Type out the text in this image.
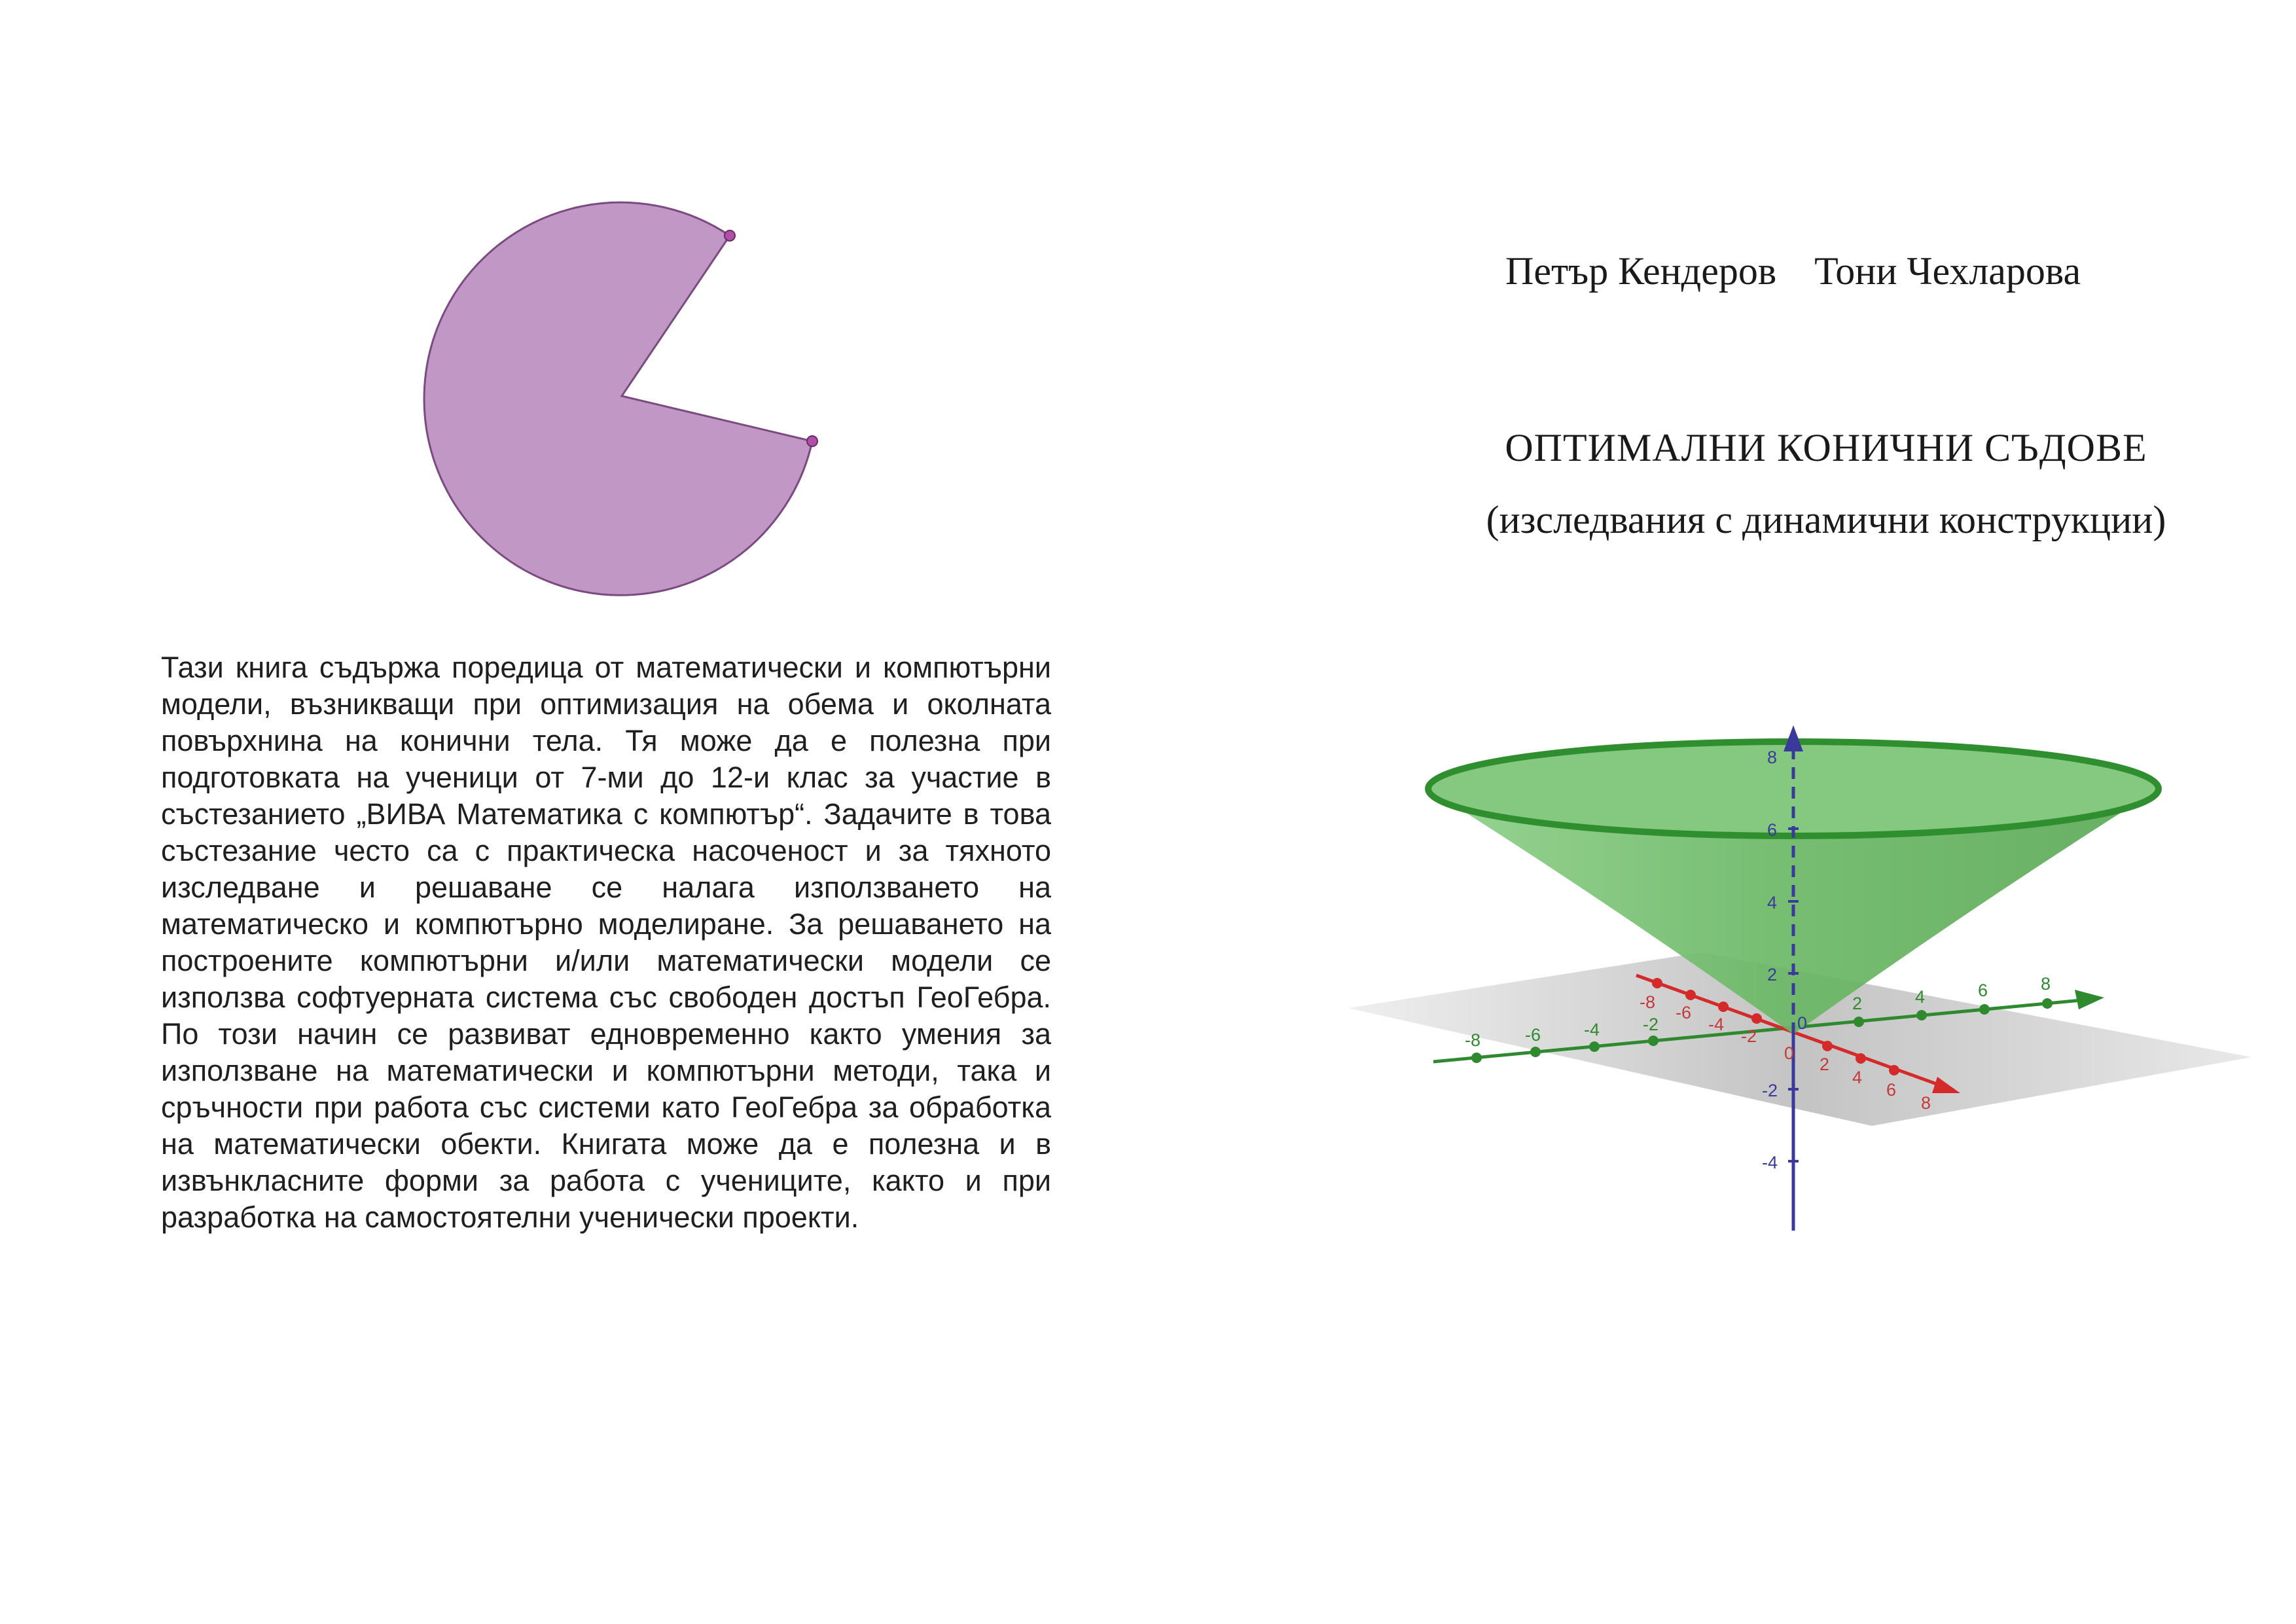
Тази книга съдържа поредица от математически и компютърни модели, възникващи при оптимизация на обема и околната повърхнина на конични тела. Тя може да е полезна при подготовката на ученици от 7-ми до 12-и клас за участие в състезанието „ВИВА Математика с компютър“. Задачите в това състезание често са с практическа насоченост и за тяхното изследване и решаване се налага използването на математическо и компютърно моделиране. За решаването на построените компютърни и/или математически модели се използва софтуерната система със свободен достъп ГеоГебра. По този начин се развиват едновременно както умения за използване на математически и компютърни методи, така и сръчности при работа със системи като ГеоГебра за обработка на математически обекти. Книгата може да е полезна и в извънкласните форми за работа с учениците, както и при разработка на самостоятелни ученически проекти.

Петър Кендеров Тони Чехларова
ОПТИМАЛНИ КОНИЧНИ СЪДОВЕ
(изследвания с динамични конструкции)
8
6
4
2
-2
-4
0
-8
-6
-4
-2
0
2
4
6
8
-8	-6 -4 -2
2	4	6	8
